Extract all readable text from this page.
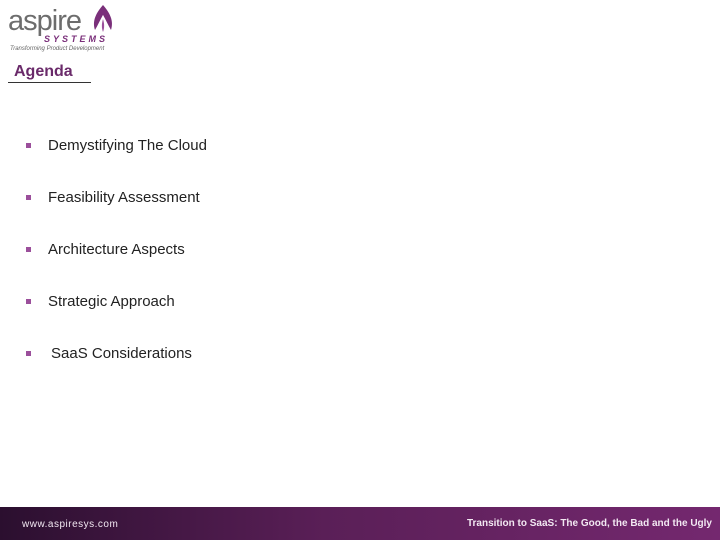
aspire
SYSTEMS
Transforming Product Development
Agenda
Demystifying The Cloud
Feasibility Assessment
Architecture Aspects
Strategic Approach
SaaS Considerations
www.aspiresys.com	Transition to SaaS: The Good, the Bad and the Ugly
